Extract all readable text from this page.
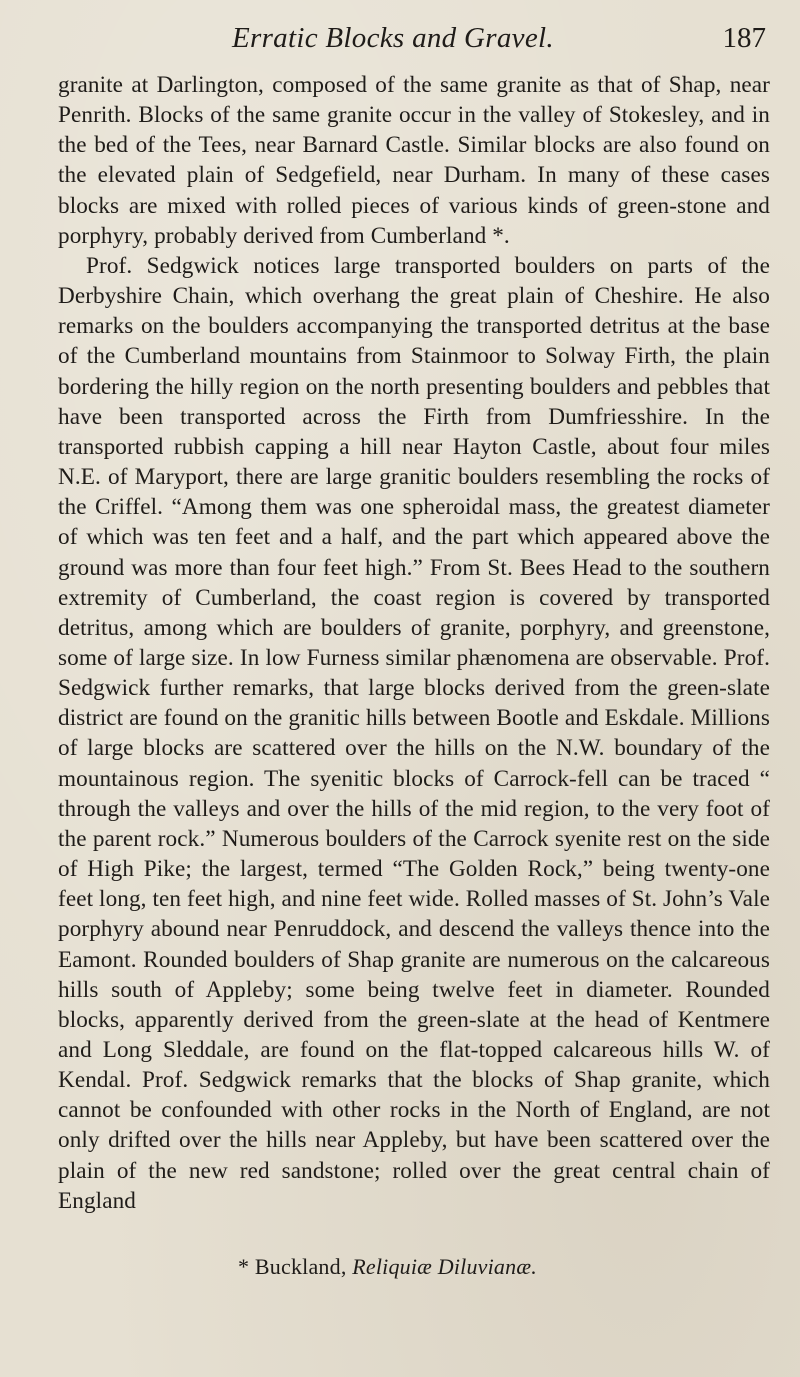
Erratic Blocks and Gravel.	187

granite at Darlington, composed of the same granite as that of Shap, near Penrith. Blocks of the same granite occur in the valley of Stokesley, and in the bed of the Tees, near Barnard Castle. Similar blocks are also found on the elevated plain of Sedgefield, near Durham. In many of these cases blocks are mixed with rolled pieces of various kinds of green-stone and porphyry, probably derived from Cumberland *.

Prof. Sedgwick notices large transported boulders on parts of the Derbyshire Chain, which overhang the great plain of Cheshire. He also remarks on the boulders accompanying the transported detritus at the base of the Cumberland mountains from Stainmoor to Solway Firth, the plain bordering the hilly region on the north presenting boulders and pebbles that have been transported across the Firth from Dumfriesshire. In the transported rubbish capping a hill near Hayton Castle, about four miles N.E. of Maryport, there are large granitic boulders resembling the rocks of the Criffel. “Among them was one spheroidal mass, the greatest diameter of which was ten feet and a half, and the part which appeared above the ground was more than four feet high.” From St. Bees Head to the southern extremity of Cumberland, the coast region is covered by transported detritus, among which are boulders of granite, porphyry, and greenstone, some of large size. In low Furness similar phænomena are observable. Prof. Sedgwick further remarks, that large blocks derived from the green-slate district are found on the granitic hills between Bootle and Eskdale. Millions of large blocks are scattered over the hills on the N.W. boundary of the mountainous region. The syenitic blocks of Carrock-fell can be traced “ through the valleys and over the hills of the mid region, to the very foot of the parent rock.” Numerous boulders of the Carrock syenite rest on the side of High Pike; the largest, termed “The Golden Rock,” being twenty-one feet long, ten feet high, and nine feet wide. Rolled masses of St. John’s Vale porphyry abound near Penruddock, and descend the valleys thence into the Eamont. Rounded boulders of Shap granite are numerous on the calcareous hills south of Appleby; some being twelve feet in diameter. Rounded blocks, apparently derived from the green-slate at the head of Kentmere and Long Sleddale, are found on the flat-topped calcareous hills W. of Kendal. Prof. Sedgwick remarks that the blocks of Shap granite, which cannot be confounded with other rocks in the North of England, are not only drifted over the hills near Appleby, but have been scattered over the plain of the new red sandstone; rolled over the great central chain of England

* Buckland, Reliquiæ Diluvianæ.
